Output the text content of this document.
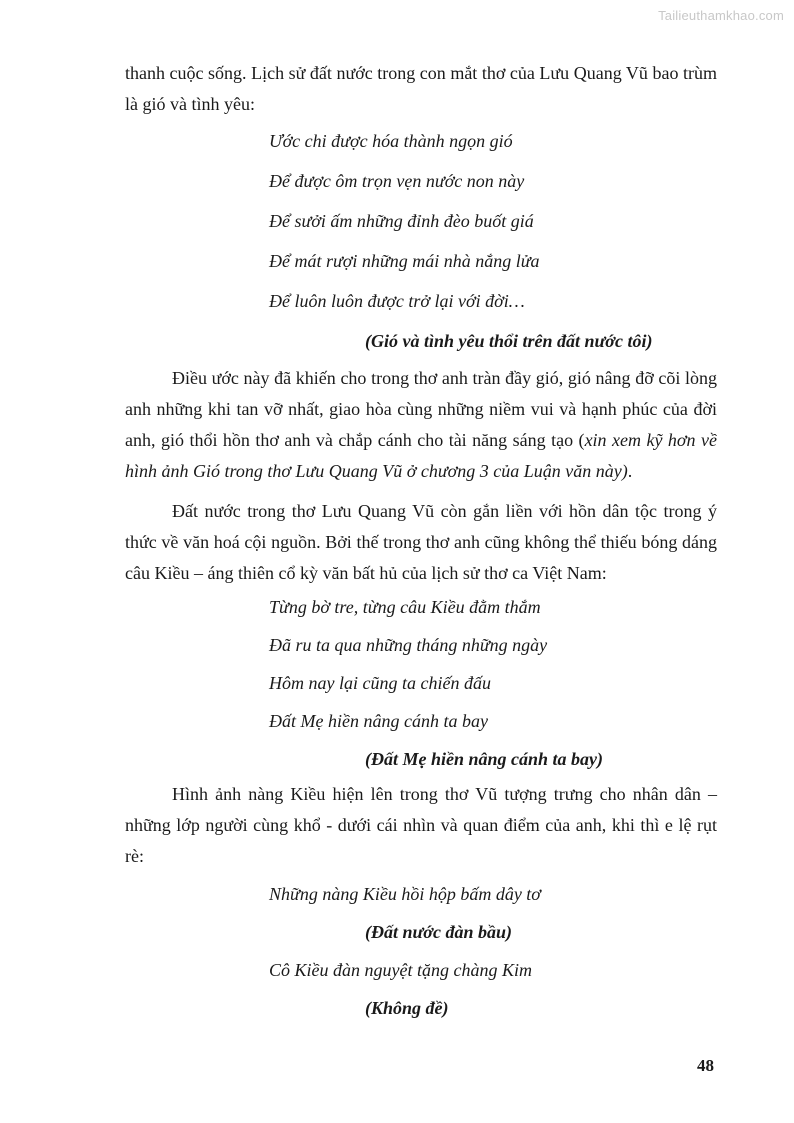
Tailieuthamkhao.com

thanh cuộc sống. Lịch sử đất nước trong con mắt thơ của Lưu Quang Vũ bao trùm là gió và tình yêu:

Ước chi được hóa thành ngọn gió

Để được ôm trọn vẹn nước non này

Để sưởi ấm những đỉnh đèo buốt giá

Để mát rượi những mái nhà nắng lửa

Để luôn luôn được trở lại với đời…

(Gió và tình yêu thổi trên đất nước tôi)

Điều ước này đã khiến cho trong thơ anh tràn đầy gió, gió nâng đỡ cõi lòng anh những khi tan vỡ nhất, giao hòa cùng những niềm vui và hạnh phúc của đời anh, gió thổi hồn thơ anh và chắp cánh cho tài năng sáng tạo (xin xem kỹ hơn về hình ảnh Gió trong thơ Lưu Quang Vũ ở chương 3 của Luận văn này).

Đất nước trong thơ Lưu Quang Vũ còn gắn liền với hồn dân tộc trong ý thức về văn hoá cội nguồn. Bởi thế trong thơ anh cũng không thể thiếu bóng dáng câu Kiều – áng thiên cổ kỳ văn bất hủ của lịch sử thơ ca Việt Nam:

Từng bờ tre, từng câu Kiều đằm thắm

Đã ru ta qua những tháng những ngày

Hôm nay lại cũng ta chiến đấu

Đất Mẹ hiền nâng cánh ta bay

(Đất Mẹ hiền nâng cánh ta bay)

Hình ảnh nàng Kiều hiện lên trong thơ Vũ tượng trưng cho nhân dân – những lớp người cùng khổ - dưới cái nhìn và quan điểm của anh, khi thì e lệ rụt rè:

Những nàng Kiều hồi hộp bấm dây tơ

(Đất nước đàn bầu)

Cô Kiều đàn nguyệt tặng chàng Kim

(Không đề)

48
